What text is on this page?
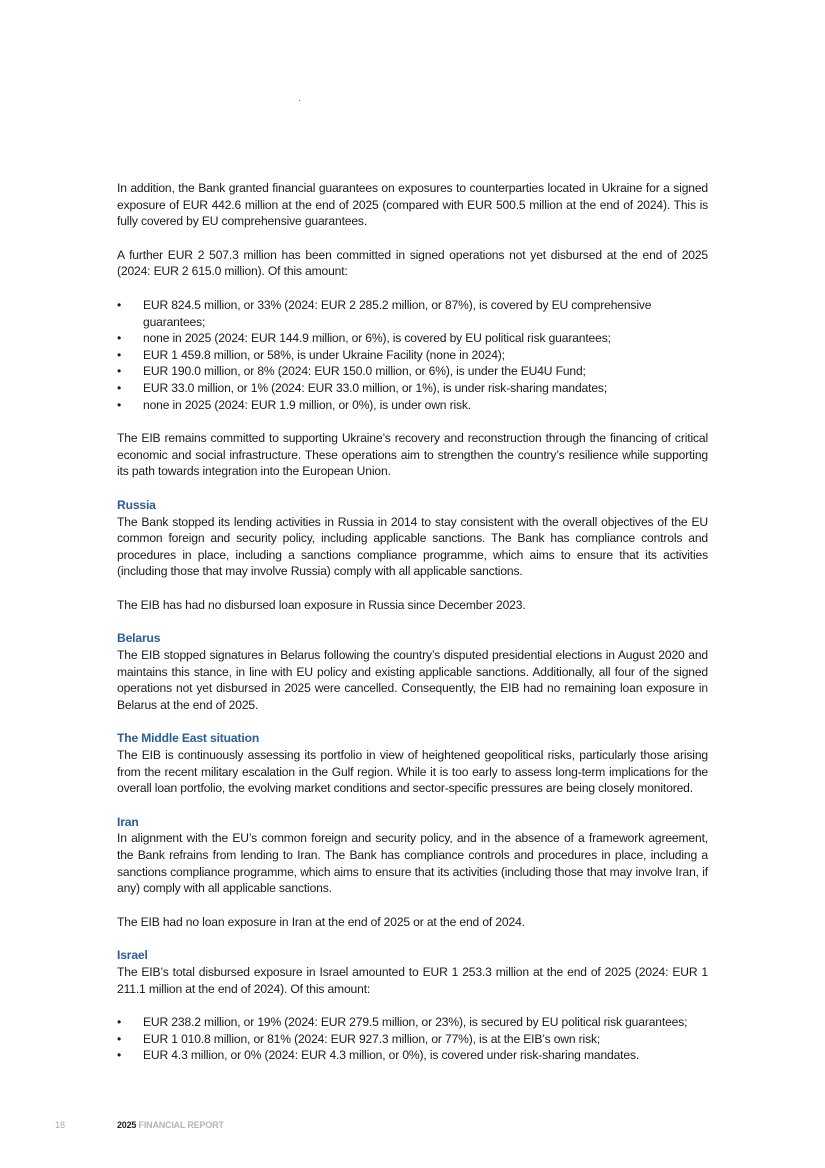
In addition, the Bank granted financial guarantees on exposures to counterparties located in Ukraine for a signed exposure of EUR 442.6 million at the end of 2025 (compared with EUR 500.5 million at the end of 2024). This is fully covered by EU comprehensive guarantees.

A further EUR 2 507.3 million has been committed in signed operations not yet disbursed at the end of 2025 (2024: EUR 2 615.0 million). Of this amount:

• EUR 824.5 million, or 33% (2024: EUR 2 285.2 million, or 87%), is covered by EU comprehensive guarantees;
• none in 2025 (2024: EUR 144.9 million, or 6%), is covered by EU political risk guarantees;
• EUR 1 459.8 million, or 58%, is under Ukraine Facility (none in 2024);
• EUR 190.0 million, or 8% (2024: EUR 150.0 million, or 6%), is under the EU4U Fund;
• EUR 33.0 million, or 1% (2024: EUR 33.0 million, or 1%), is under risk-sharing mandates;
• none in 2025 (2024: EUR 1.9 million, or 0%), is under own risk.

The EIB remains committed to supporting Ukraine’s recovery and reconstruction through the financing of critical economic and social infrastructure. These operations aim to strengthen the country’s resilience while supporting its path towards integration into the European Union.

Russia

The Bank stopped its lending activities in Russia in 2014 to stay consistent with the overall objectives of the EU common foreign and security policy, including applicable sanctions. The Bank has compliance controls and procedures in place, including a sanctions compliance programme, which aims to ensure that its activities (including those that may involve Russia) comply with all applicable sanctions.

The EIB has had no disbursed loan exposure in Russia since December 2023.

Belarus

The EIB stopped signatures in Belarus following the country’s disputed presidential elections in August 2020 and maintains this stance, in line with EU policy and existing applicable sanctions. Additionally, all four of the signed operations not yet disbursed in 2025 were cancelled. Consequently, the EIB had no remaining loan exposure in Belarus at the end of 2025.

The Middle East situation

The EIB is continuously assessing its portfolio in view of heightened geopolitical risks, particularly those arising from the recent military escalation in the Gulf region. While it is too early to assess long-term implications for the overall loan portfolio, the evolving market conditions and sector-specific pressures are being closely monitored.

Iran

In alignment with the EU’s common foreign and security policy, and in the absence of a framework agreement, the Bank refrains from lending to Iran. The Bank has compliance controls and procedures in place, including a sanctions compliance programme, which aims to ensure that its activities (including those that may involve Iran, if any) comply with all applicable sanctions.

The EIB had no loan exposure in Iran at the end of 2025 or at the end of 2024.

Israel

The EIB’s total disbursed exposure in Israel amounted to EUR 1 253.3 million at the end of 2025 (2024: EUR 1 211.1 million at the end of 2024). Of this amount:

• EUR 238.2 million, or 19% (2024: EUR 279.5 million, or 23%), is secured by EU political risk guarantees;
• EUR 1 010.8 million, or 81% (2024: EUR 927.3 million, or 77%), is at the EIB’s own risk;
• EUR 4.3 million, or 0% (2024: EUR 4.3 million, or 0%), is covered under risk-sharing mandates.
18	2025 FINANCIAL REPORT
